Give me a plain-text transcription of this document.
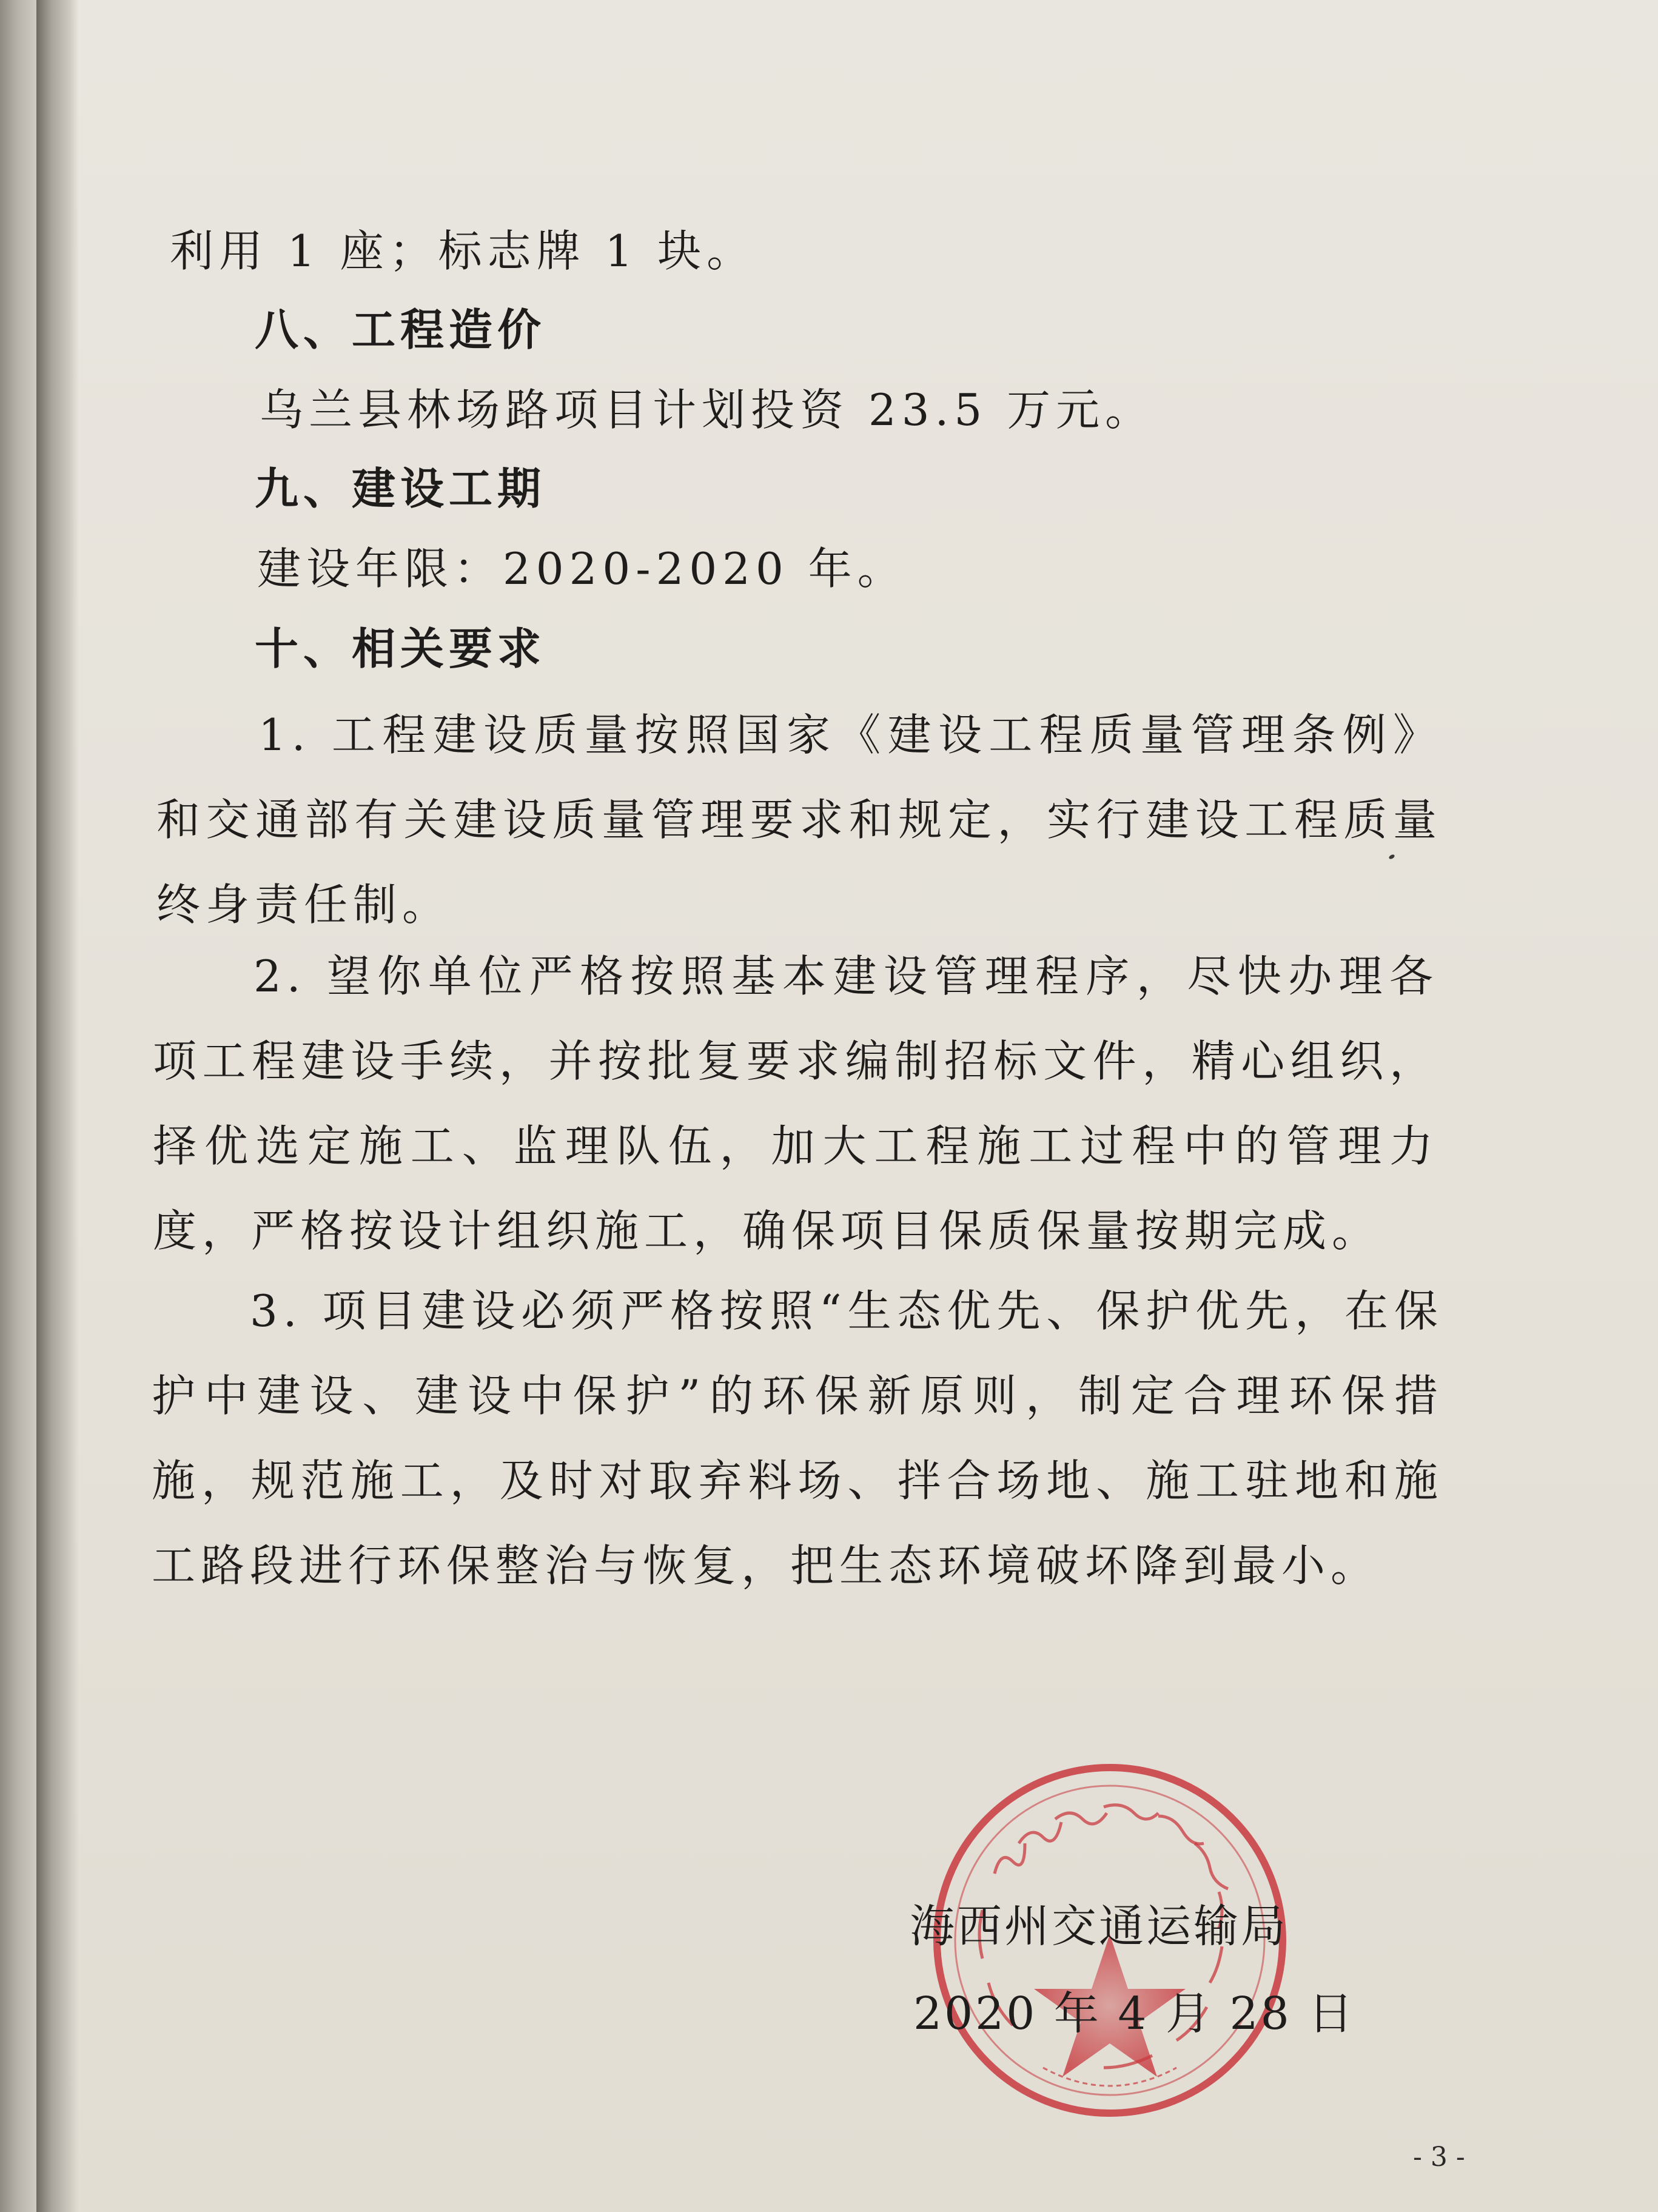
利用 1 座；标志牌 1 块。

八、工程造价

乌兰县林场路项目计划投资 23.5 万元。

九、建设工期

建设年限：2020-2020 年。

十、相关要求

1. 工程建设质量按照国家《建设工程质量管理条例》和交通部有关建设质量管理要求和规定，实行建设工程质量终身责任制。

2. 望你单位严格按照基本建设管理程序，尽快办理各项工程建设手续，并按批复要求编制招标文件，精心组织，择优选定施工、监理队伍，加大工程施工过程中的管理力度，严格按设计组织施工，确保项目保质保量按期完成。

3. 项目建设必须严格按照“生态优先、保护优先，在保护中建设、建设中保护”的环保新原则，制定合理环保措施，规范施工，及时对取弃料场、拌合场地、施工驻地和施工路段进行环保整治与恢复，把生态环境破坏降到最小。

海西州交通运输局

2020 年 4 月 28 日

- 3 -
